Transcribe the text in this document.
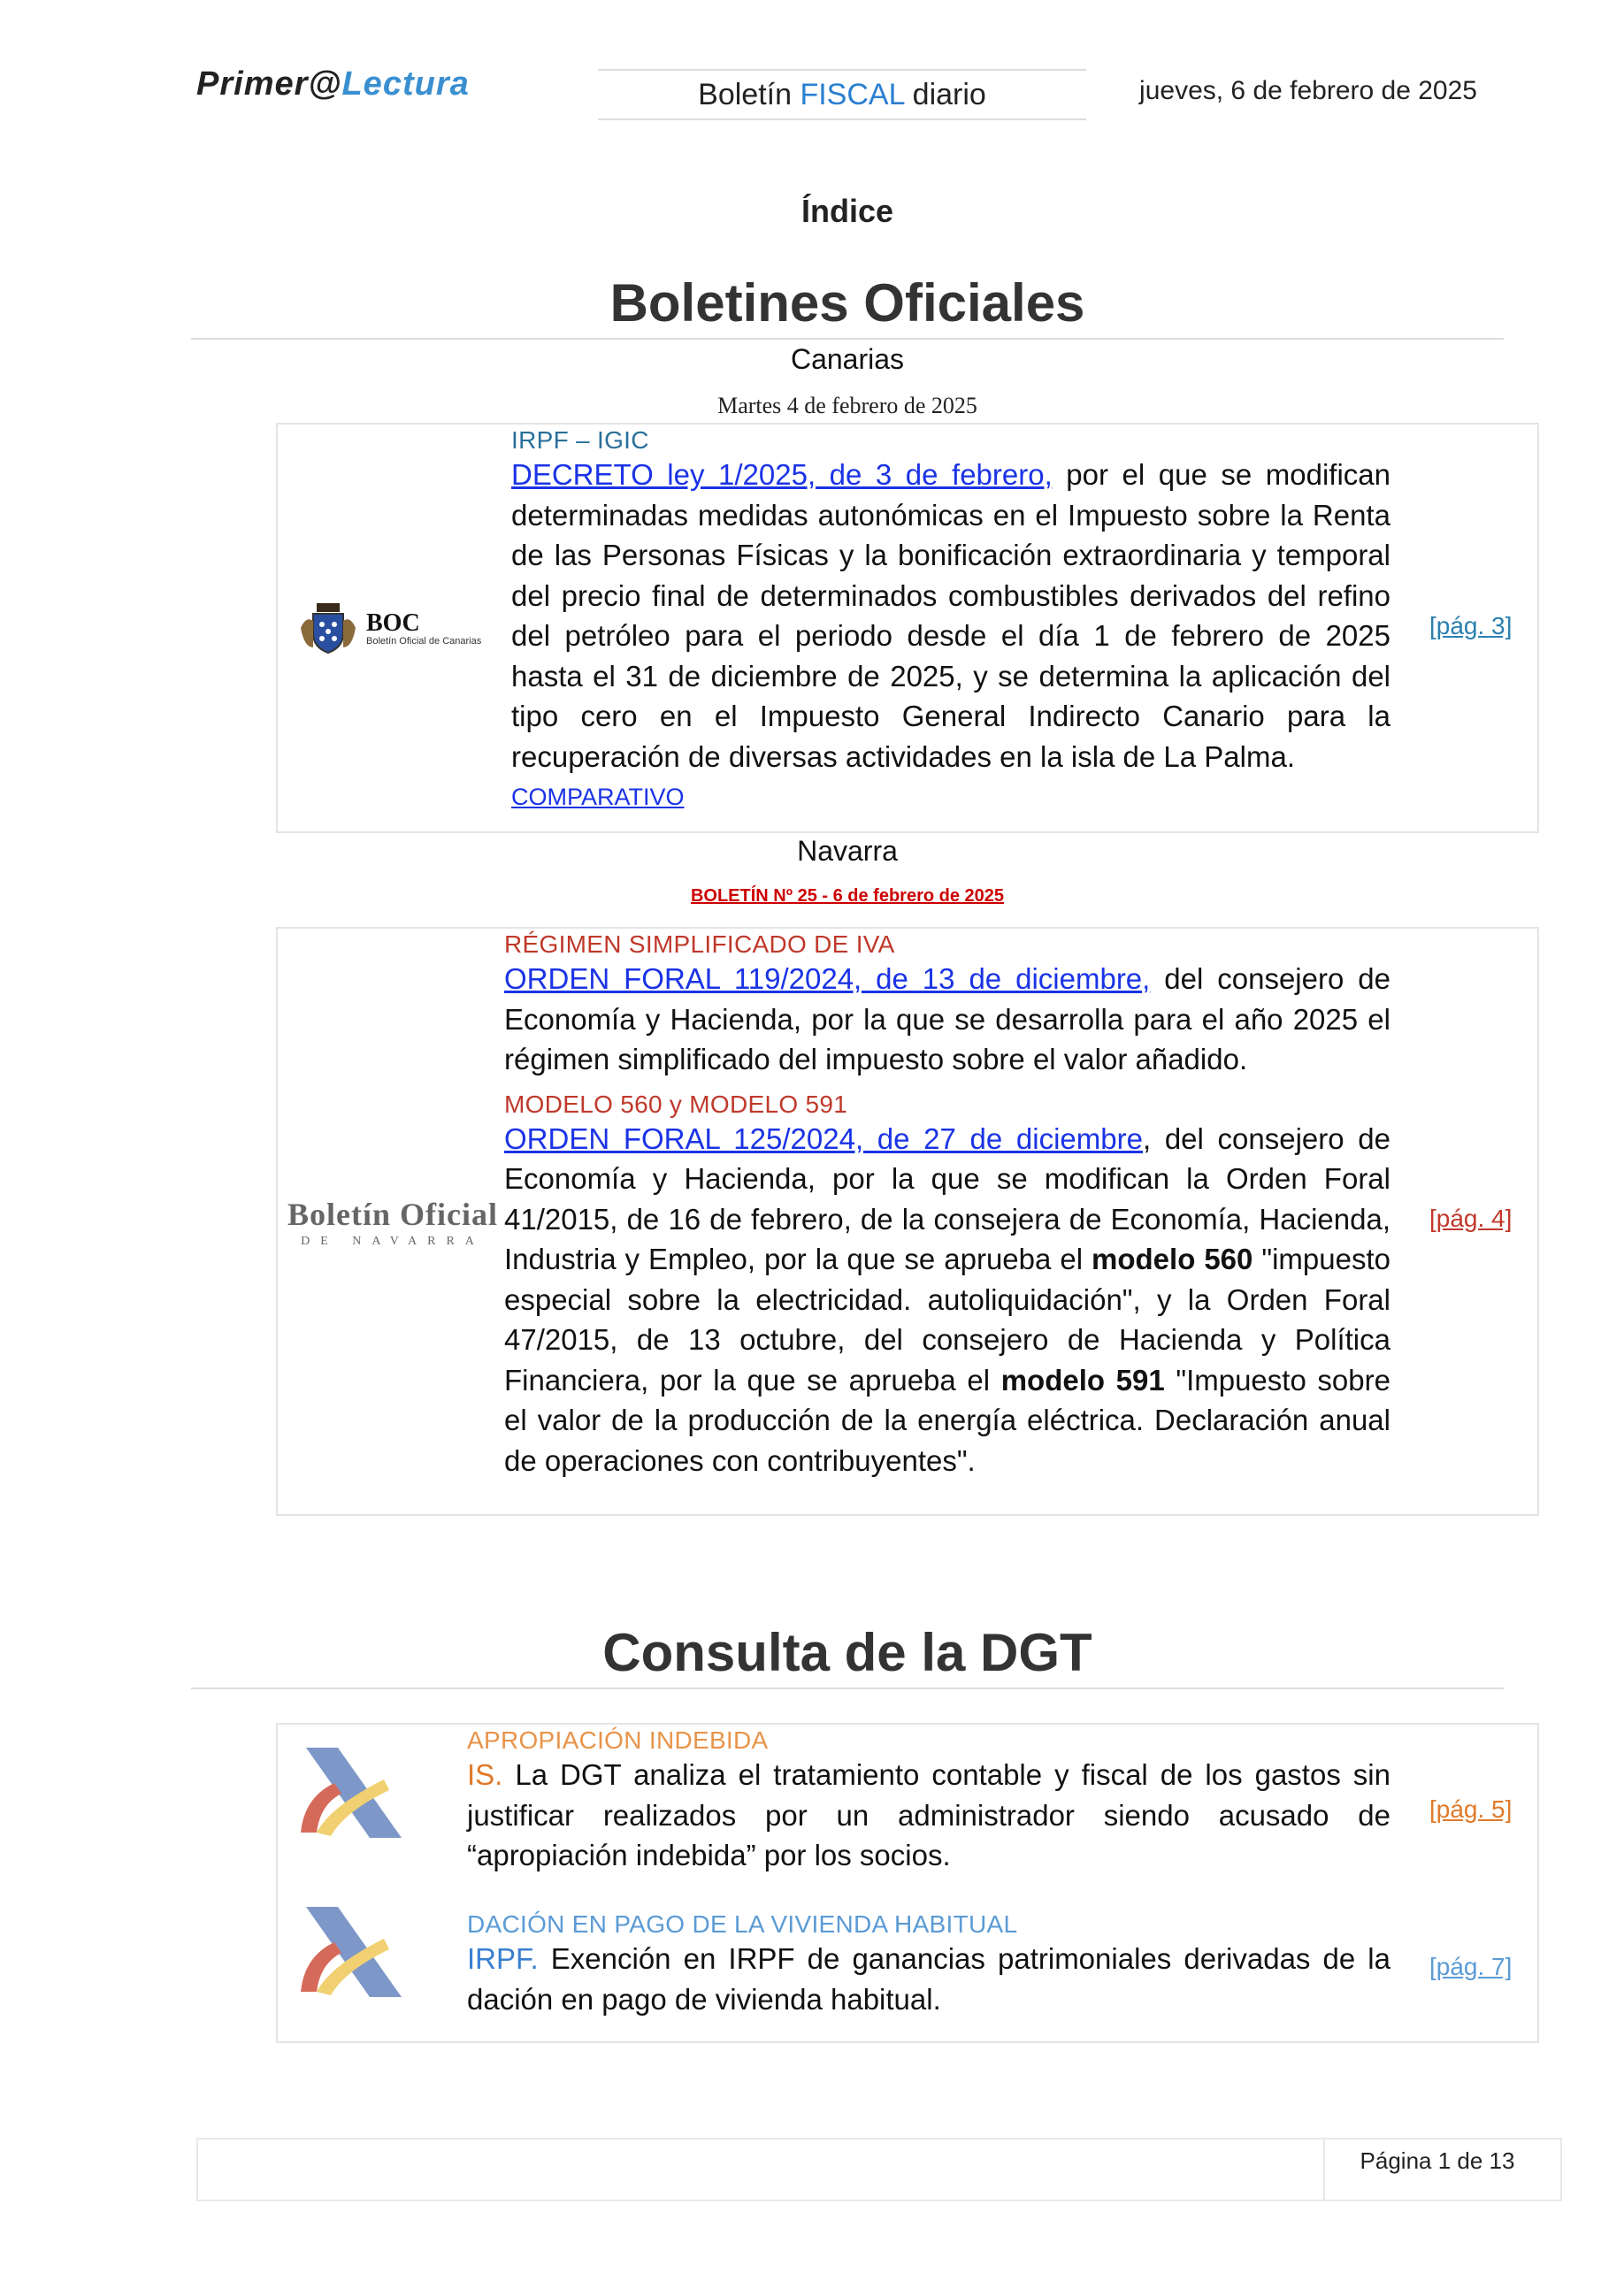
Primer@Lectura	Boletín FISCAL diario	jueves, 6 de febrero de 2025
Índice
Boletines Oficiales
Canarias
Martes 4 de febrero de 2025
BOC
Boletín Oficial de Canarias
IRPF – IGIC
DECRETO ley 1/2025, de 3 de febrero, por el que se modifican determinadas medidas autonómicas en el Impuesto sobre la Renta de las Personas Físicas y la bonificación extraordinaria y temporal del precio final de determinados combustibles derivados del refino del petróleo para el periodo desde el día 1 de febrero de 2025 hasta el 31 de diciembre de 2025, y se determina la aplicación del tipo cero en el Impuesto General Indirecto Canario para la recuperación de diversas actividades en la isla de La Palma.
COMPARATIVO
[pág. 3]
Navarra
BOLETÍN Nº 25 - 6 de febrero de 2025
Boletín Oficial
DE NAVARRA
RÉGIMEN SIMPLIFICADO DE IVA
ORDEN FORAL 119/2024, de 13 de diciembre, del consejero de Economía y Hacienda, por la que se desarrolla para el año 2025 el régimen simplificado del impuesto sobre el valor añadido.
MODELO 560 y MODELO 591
ORDEN FORAL 125/2024, de 27 de diciembre, del consejero de Economía y Hacienda, por la que se modifican la Orden Foral 41/2015, de 16 de febrero, de la consejera de Economía, Hacienda, Industria y Empleo, por la que se aprueba el modelo 560 "impuesto especial sobre la electricidad. autoliquidación", y la Orden Foral 47/2015, de 13 octubre, del consejero de Hacienda y Política Financiera, por la que se aprueba el modelo 591 "Impuesto sobre el valor de la producción de la energía eléctrica. Declaración anual de operaciones con contribuyentes".
[pág. 4]
Consulta de la DGT
APROPIACIÓN INDEBIDA
IS. La DGT analiza el tratamiento contable y fiscal de los gastos sin justificar realizados por un administrador siendo acusado de “apropiación indebida” por los socios.
[pág. 5]
DACIÓN EN PAGO DE LA VIVIENDA HABITUAL
IRPF. Exención en IRPF de ganancias patrimoniales derivadas de la dación en pago de vivienda habitual.
[pág. 7]
Página 1 de 13
